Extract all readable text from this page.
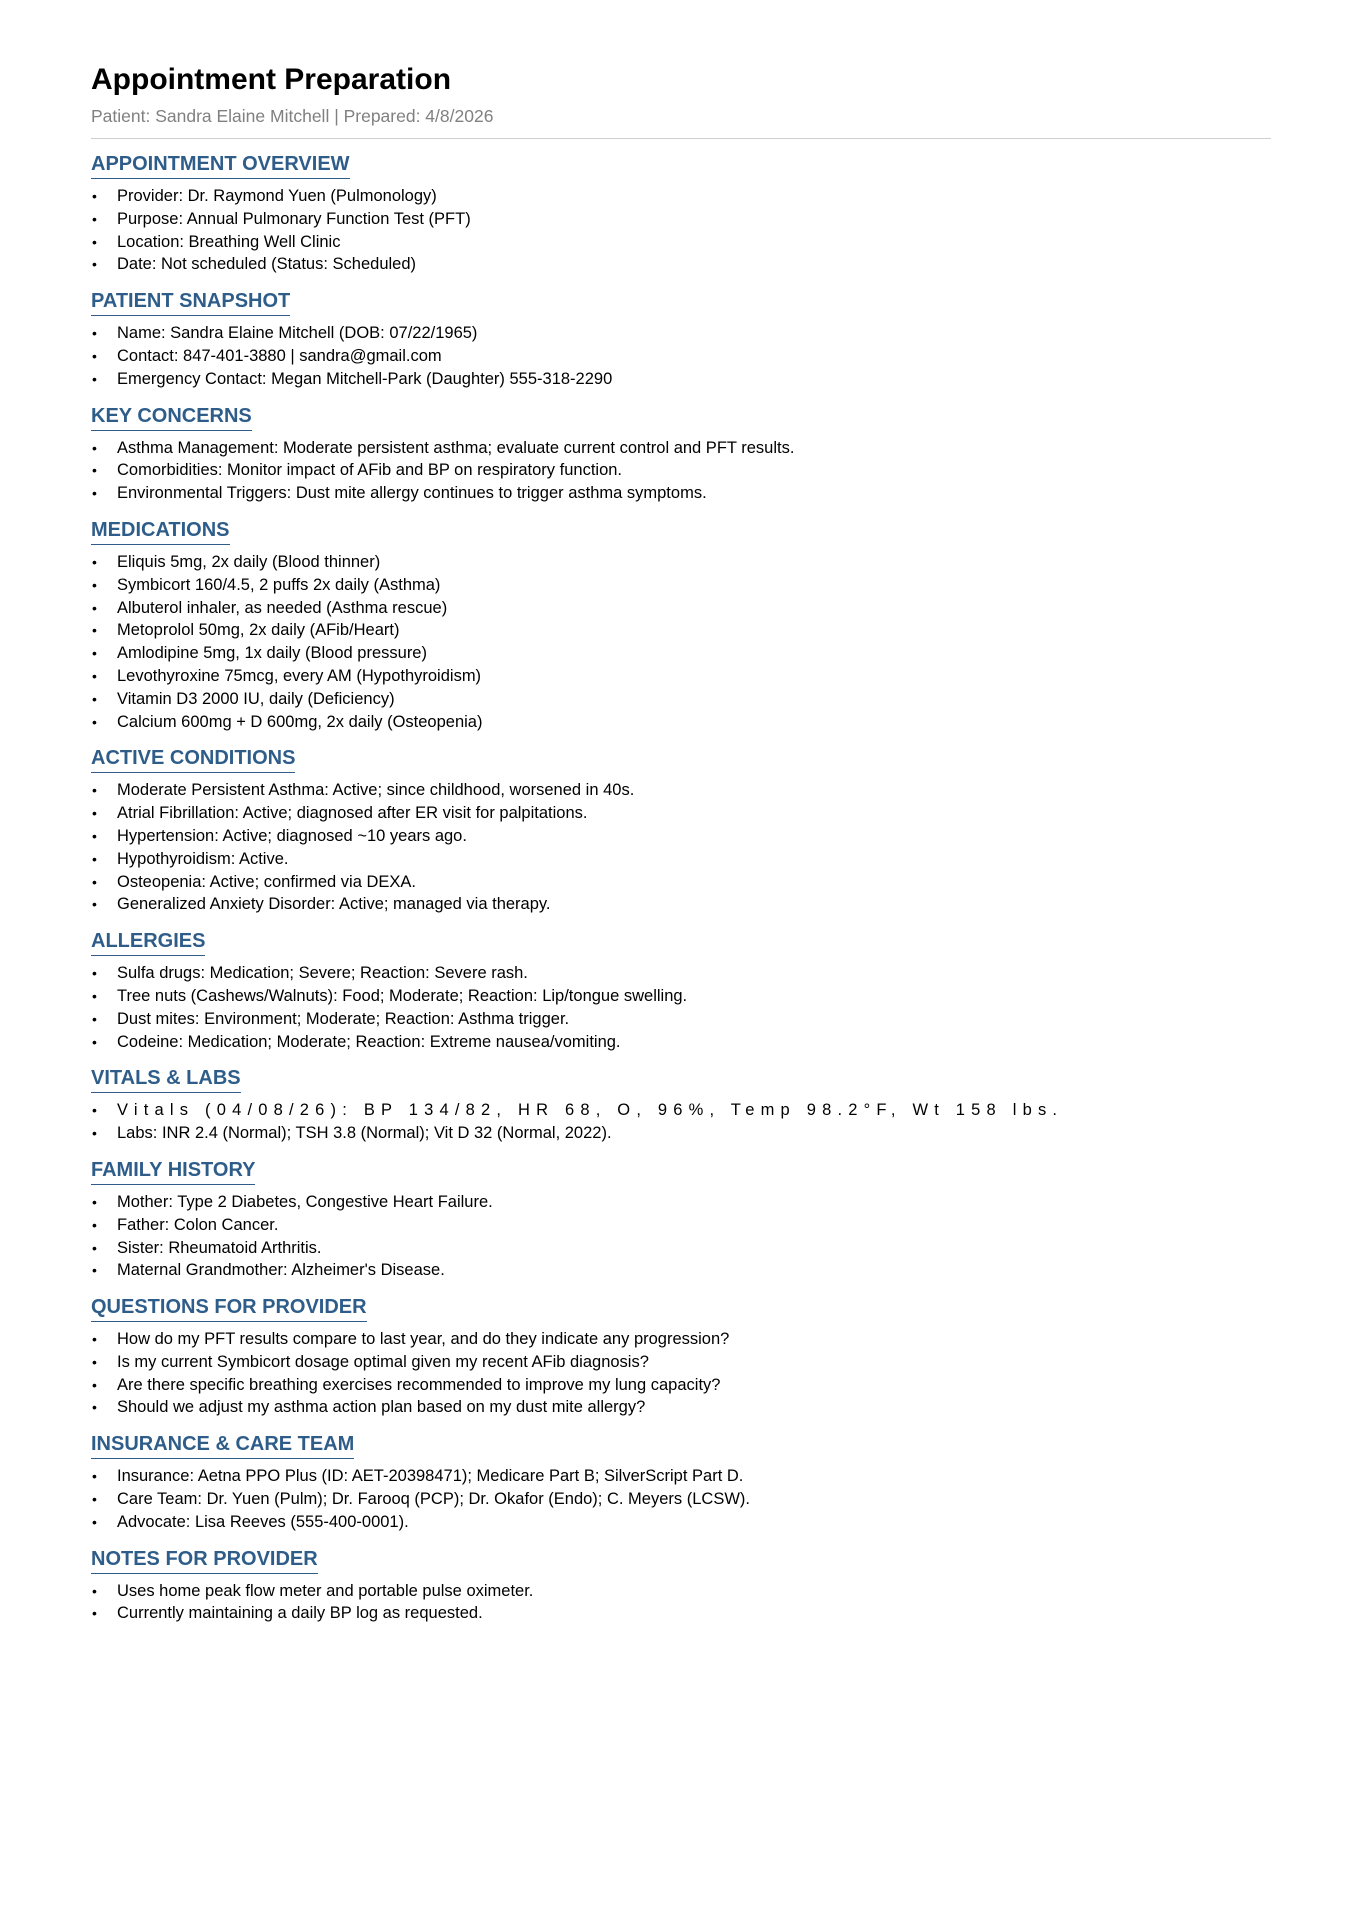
Appointment Preparation
Patient: Sandra Elaine Mitchell | Prepared: 4/8/2026
APPOINTMENT OVERVIEW
• Provider: Dr. Raymond Yuen (Pulmonology)
• Purpose: Annual Pulmonary Function Test (PFT)
• Location: Breathing Well Clinic
• Date: Not scheduled (Status: Scheduled)
PATIENT SNAPSHOT
• Name: Sandra Elaine Mitchell (DOB: 07/22/1965)
• Contact: 847-401-3880 | sandra@gmail.com
• Emergency Contact: Megan Mitchell-Park (Daughter) 555-318-2290
KEY CONCERNS
• Asthma Management: Moderate persistent asthma; evaluate current control and PFT results.
• Comorbidities: Monitor impact of AFib and BP on respiratory function.
• Environmental Triggers: Dust mite allergy continues to trigger asthma symptoms.
MEDICATIONS
• Eliquis 5mg, 2x daily (Blood thinner)
• Symbicort 160/4.5, 2 puffs 2x daily (Asthma)
• Albuterol inhaler, as needed (Asthma rescue)
• Metoprolol 50mg, 2x daily (AFib/Heart)
• Amlodipine 5mg, 1x daily (Blood pressure)
• Levothyroxine 75mcg, every AM (Hypothyroidism)
• Vitamin D3 2000 IU, daily (Deficiency)
• Calcium 600mg + D 600mg, 2x daily (Osteopenia)
ACTIVE CONDITIONS
• Moderate Persistent Asthma: Active; since childhood, worsened in 40s.
• Atrial Fibrillation: Active; diagnosed after ER visit for palpitations.
• Hypertension: Active; diagnosed ~10 years ago.
• Hypothyroidism: Active.
• Osteopenia: Active; confirmed via DEXA.
• Generalized Anxiety Disorder: Active; managed via therapy.
ALLERGIES
• Sulfa drugs: Medication; Severe; Reaction: Severe rash.
• Tree nuts (Cashews/Walnuts): Food; Moderate; Reaction: Lip/tongue swelling.
• Dust mites: Environment; Moderate; Reaction: Asthma trigger.
• Codeine: Medication; Moderate; Reaction: Extreme nausea/vomiting.
VITALS & LABS
• Vitals (04/08/26): BP 134/82, HR 68, O, 96%, Temp 98.2°F, Wt 158 lbs.
• Labs: INR 2.4 (Normal); TSH 3.8 (Normal); Vit D 32 (Normal, 2022).
FAMILY HISTORY
• Mother: Type 2 Diabetes, Congestive Heart Failure.
• Father: Colon Cancer.
• Sister: Rheumatoid Arthritis.
• Maternal Grandmother: Alzheimer's Disease.
QUESTIONS FOR PROVIDER
• How do my PFT results compare to last year, and do they indicate any progression?
• Is my current Symbicort dosage optimal given my recent AFib diagnosis?
• Are there specific breathing exercises recommended to improve my lung capacity?
• Should we adjust my asthma action plan based on my dust mite allergy?
INSURANCE & CARE TEAM
• Insurance: Aetna PPO Plus (ID: AET-20398471); Medicare Part B; SilverScript Part D.
• Care Team: Dr. Yuen (Pulm); Dr. Farooq (PCP); Dr. Okafor (Endo); C. Meyers (LCSW).
• Advocate: Lisa Reeves (555-400-0001).
NOTES FOR PROVIDER
• Uses home peak flow meter and portable pulse oximeter.
• Currently maintaining a daily BP log as requested.
